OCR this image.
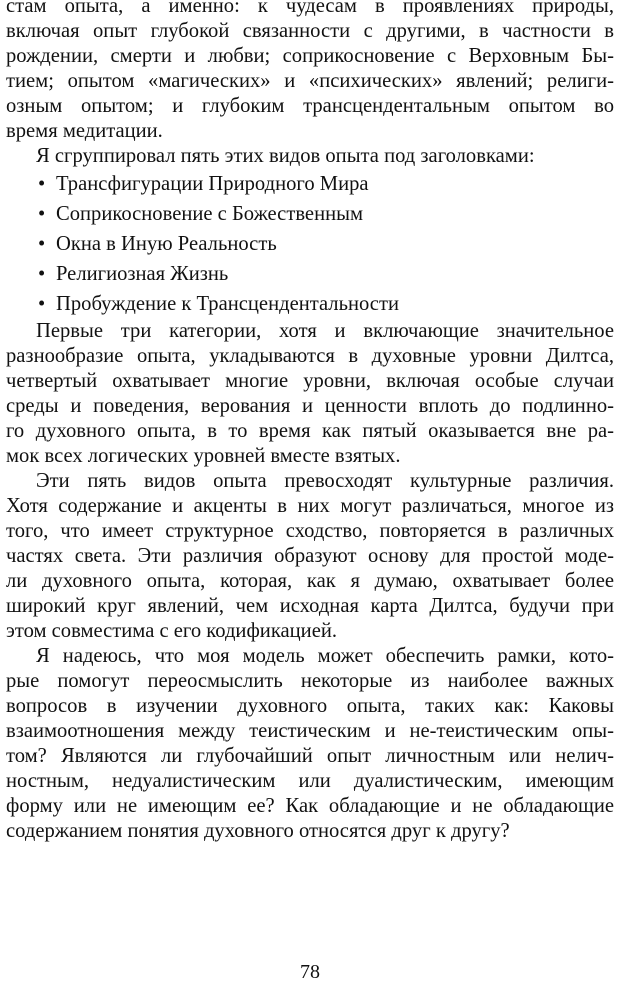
стам опыта, а именно: к чудесам в проявлениях природы,
включая опыт глубокой связанности с другими, в частности в
рождении, смерти и любви; соприкосновение с Верховным Бы-
тием; опытом «магических» и «психических» явлений; религи-
озным опытом; и глубоким трансцендентальным опытом во
время медитации.
Я сгруппировал пять этих видов опыта под заголовками:
• Трансфигурации Природного Мира
• Соприкосновение с Божественным
• Окна в Иную Реальность
• Религиозная Жизнь
• Пробуждение к Трансцендентальности
Первые три категории, хотя и включающие значительное
разнообразие опыта, укладываются в духовные уровни Дилтса,
четвертый охватывает многие уровни, включая особые случаи
среды и поведения, верования и ценности вплоть до подлинно-
го духовного опыта, в то время как пятый оказывается вне ра-
мок всех логических уровней вместе взятых.
Эти пять видов опыта превосходят культурные различия.
Хотя содержание и акценты в них могут различаться, многое из
того, что имеет структурное сходство, повторяется в различных
частях света. Эти различия образуют основу для простой моде-
ли духовного опыта, которая, как я думаю, охватывает более
широкий круг явлений, чем исходная карта Дилтса, будучи при
этом совместима с его кодификацией.
Я надеюсь, что моя модель может обеспечить рамки, кото-
рые помогут переосмыслить некоторые из наиболее важных
вопросов в изучении духовного опыта, таких как: Каковы
взаимоотношения между теистическим и не-теистическим опы-
том? Являются ли глубочайший опыт личностным или нелич-
ностным, недуалистическим или дуалистическим, имеющим
форму или не имеющим ее? Как обладающие и не обладающие
содержанием понятия духовного относятся друг к другу?
78
